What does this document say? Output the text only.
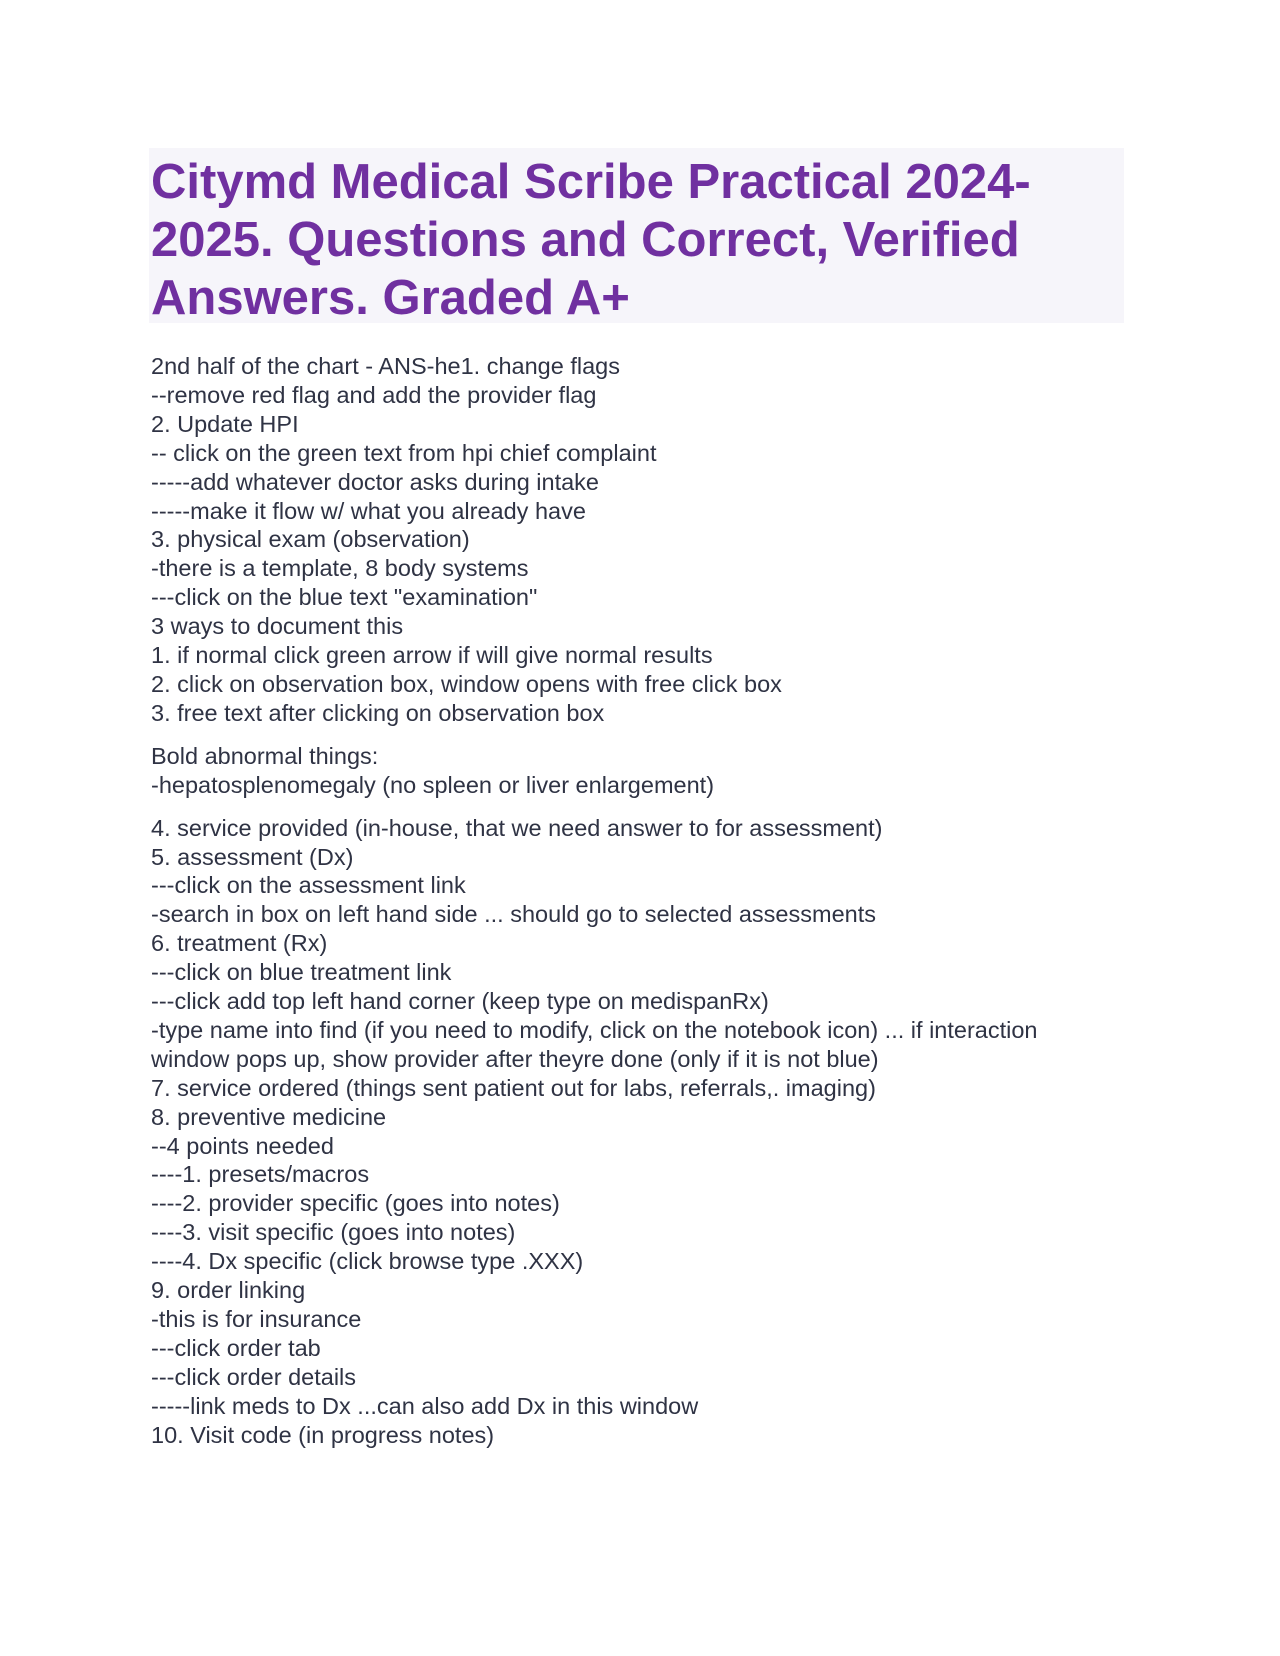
Citymd Medical Scribe Practical 2024-2025. Questions and Correct, Verified Answers. Graded A+

2nd half of the chart - ANS-he1. change flags

--remove red flag and add the provider flag

2. Update HPI

-- click on the green text from hpi chief complaint

-----add whatever doctor asks during intake

-----make it flow w/ what you already have

3. physical exam (observation)

-there is a template, 8 body systems

---click on the blue text "examination"

3 ways to document this

1. if normal click green arrow if will give normal results

2. click on observation box, window opens with free click box

3. free text after clicking on observation box

Bold abnormal things:

-hepatosplenomegaly (no spleen or liver enlargement)

4. service provided (in-house, that we need answer to for assessment)

5. assessment (Dx)

---click on the assessment link

-search in box on left hand side ... should go to selected assessments

6. treatment (Rx)

---click on blue treatment link

---click add top left hand corner (keep type on medispanRx)

-type name into find (if you need to modify, click on the notebook icon) ... if interaction window pops up, show provider after theyre done (only if it is not blue)

7. service ordered (things sent patient out for labs, referrals,. imaging)

8. preventive medicine

--4 points needed

----1. presets/macros

----2. provider specific (goes into notes)

----3. visit specific (goes into notes)

----4. Dx specific (click browse type .XXX)

9. order linking

-this is for insurance

---click order tab

---click order details

-----link meds to Dx ...can also add Dx in this window

10. Visit code (in progress notes)
